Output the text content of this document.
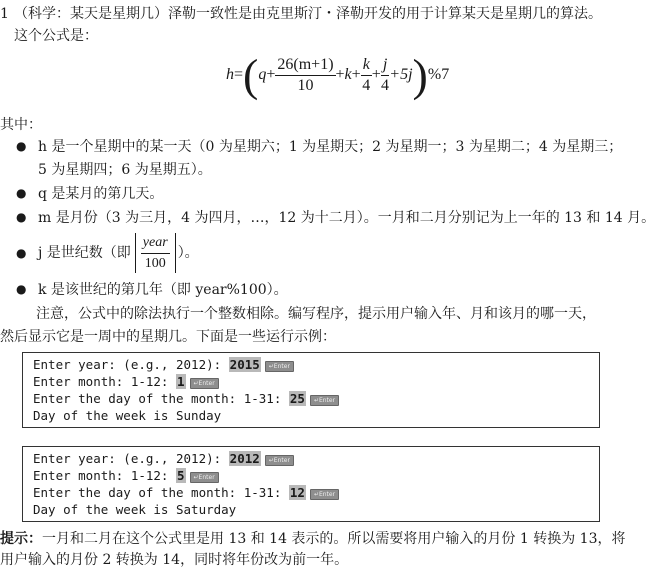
1 （科学：某天是星期几）泽勒一致性是由克里斯汀・泽勒开发的用于计算某天是星期几的算法。
这个公式是：
$h=(q+ \frac{26(m+1)}{10} +k+ \frac{k}{4} + \frac{j}{4} +5j)\%7$
其中：
● h 是一个星期中的某一天（0 为星期六；1 为星期天；2 为星期一；3 为星期二；4 为星期三；
5 为星期四；6 为星期五）。
● q 是某月的第几天。
● m 是月份（3 为三月，4 为四月，…，12 为十二月）。一月和二月分别记为上一年的 13 和 14 月。
● j 是世纪数（即 $\frac{\text{year}}{100}$ ）。
● k 是该世纪的第几年（即 year%100）。
注意，公式中的除法执行一个整数相除。编写程序，提示用户输入年、月和该月的哪一天，
然后显示它是一周中的星期几。下面是一些运行示例：
Enter year: (e.g., 2012): 2015 ↵Enter
Enter month: 1-12: 1 ↵Enter
Enter the day of the month: 1-31: 25 ↵Enter
Day of the week is Sunday
Enter year: (e.g., 2012): 2012 ↵Enter
Enter month: 1-12: 5 ↵Enter
Enter the day of the month: 1-31: 12 ↵Enter
Day of the week is Saturday
提示：一月和二月在这个公式里是用 13 和 14 表示的。所以需要将用户输入的月份 1 转换为 13，将
用户输入的月份 2 转换为 14，同时将年份改为前一年。
